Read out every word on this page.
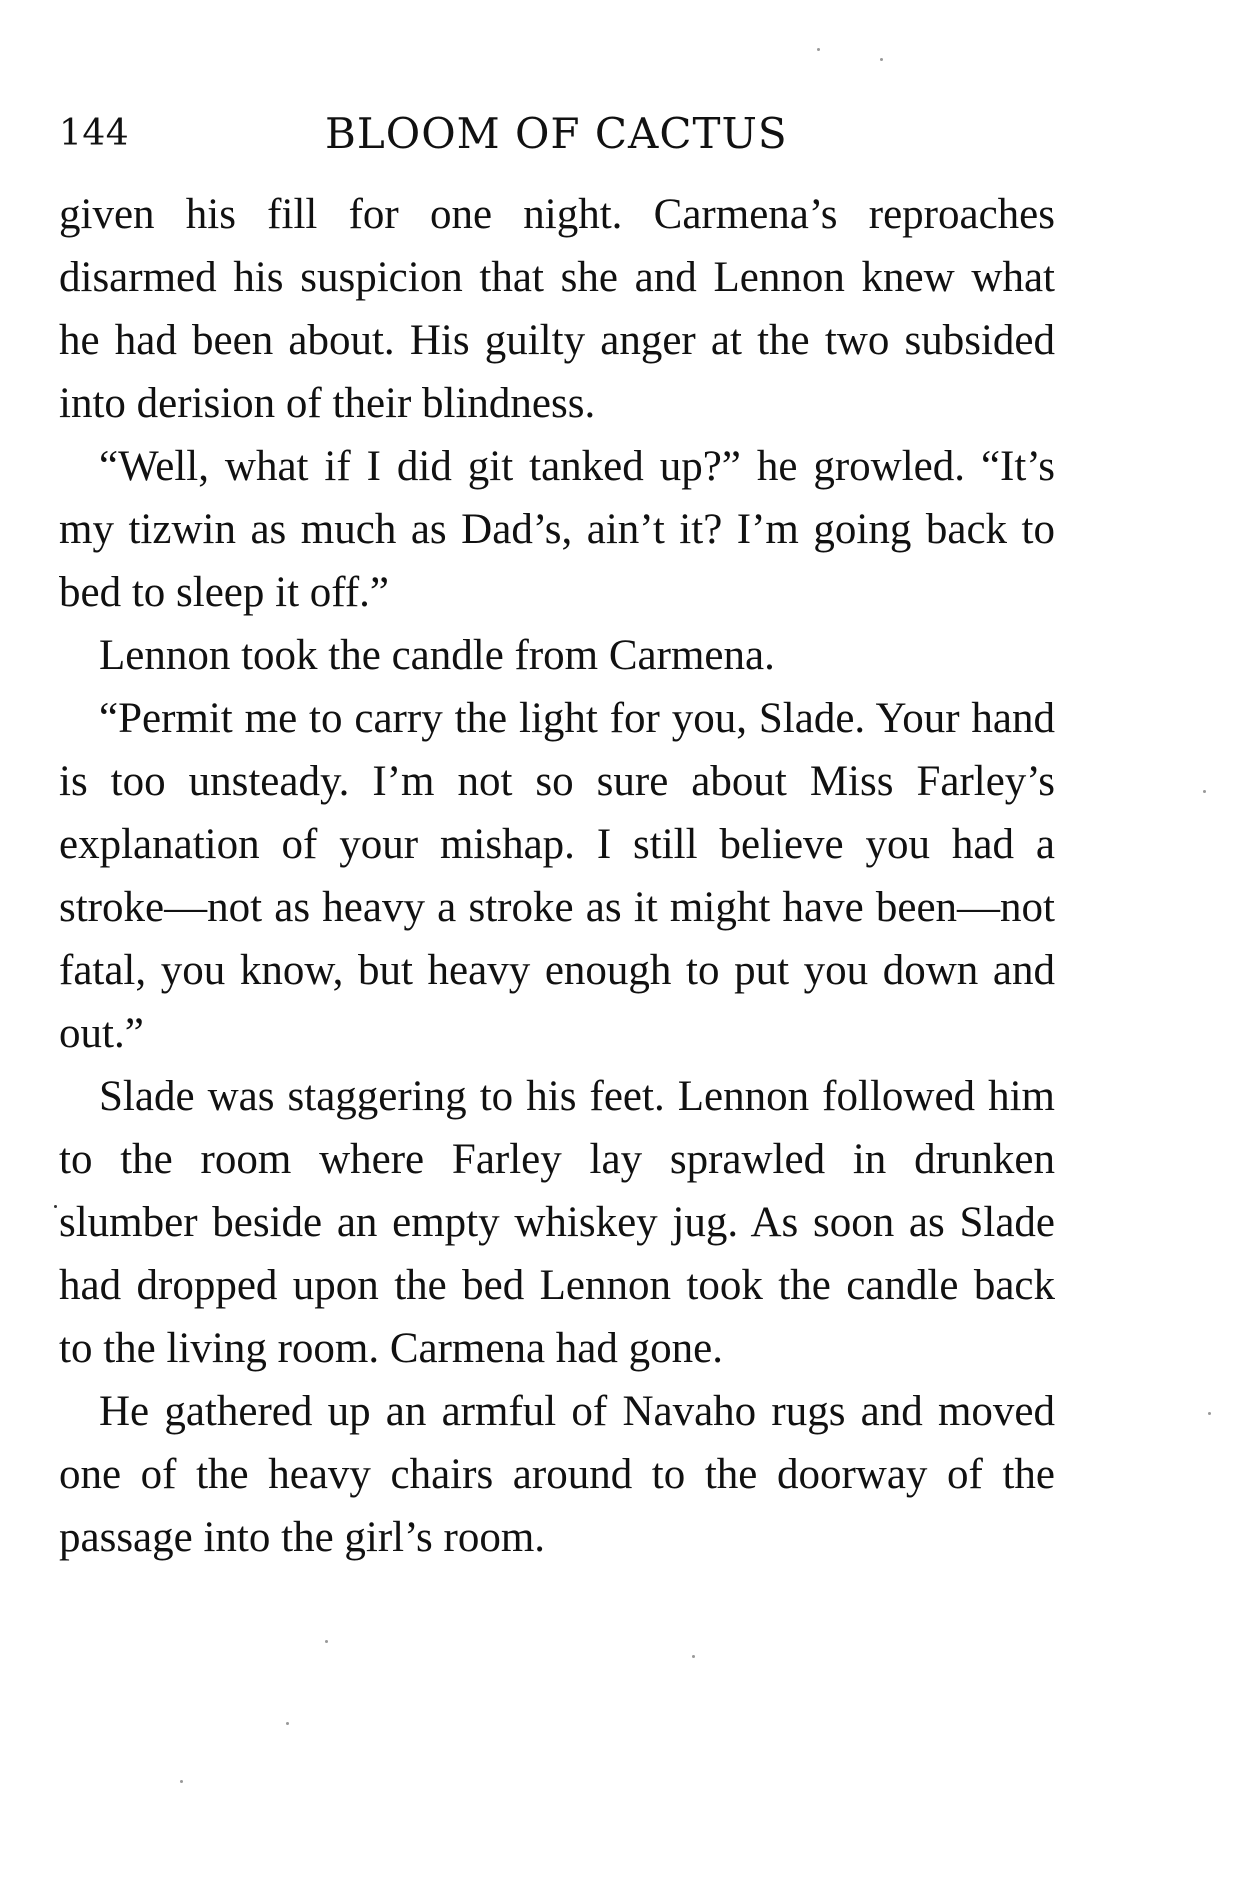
144	BLOOM OF CACTUS

given his fill for one night. Carmena’s reproaches disarmed his suspicion that she and Lennon knew what he had been about. His guilty anger at the two subsided into derision of their blindness.

“Well, what if I did git tanked up?” he growled. “It’s my tizwin as much as Dad’s, ain’t it? I’m going back to bed to sleep it off.”

Lennon took the candle from Carmena.

“Permit me to carry the light for you, Slade. Your hand is too unsteady. I’m not so sure about Miss Farley’s explanation of your mishap. I still believe you had a stroke—not as heavy a stroke as it might have been—not fatal, you know, but heavy enough to put you down and out.”

Slade was staggering to his feet. Lennon followed him to the room where Farley lay sprawled in drunken slumber beside an empty whiskey jug. As soon as Slade had dropped upon the bed Lennon took the candle back to the living room. Carmena had gone.

He gathered up an armful of Navaho rugs and moved one of the heavy chairs around to the doorway of the passage into the girl’s room.
